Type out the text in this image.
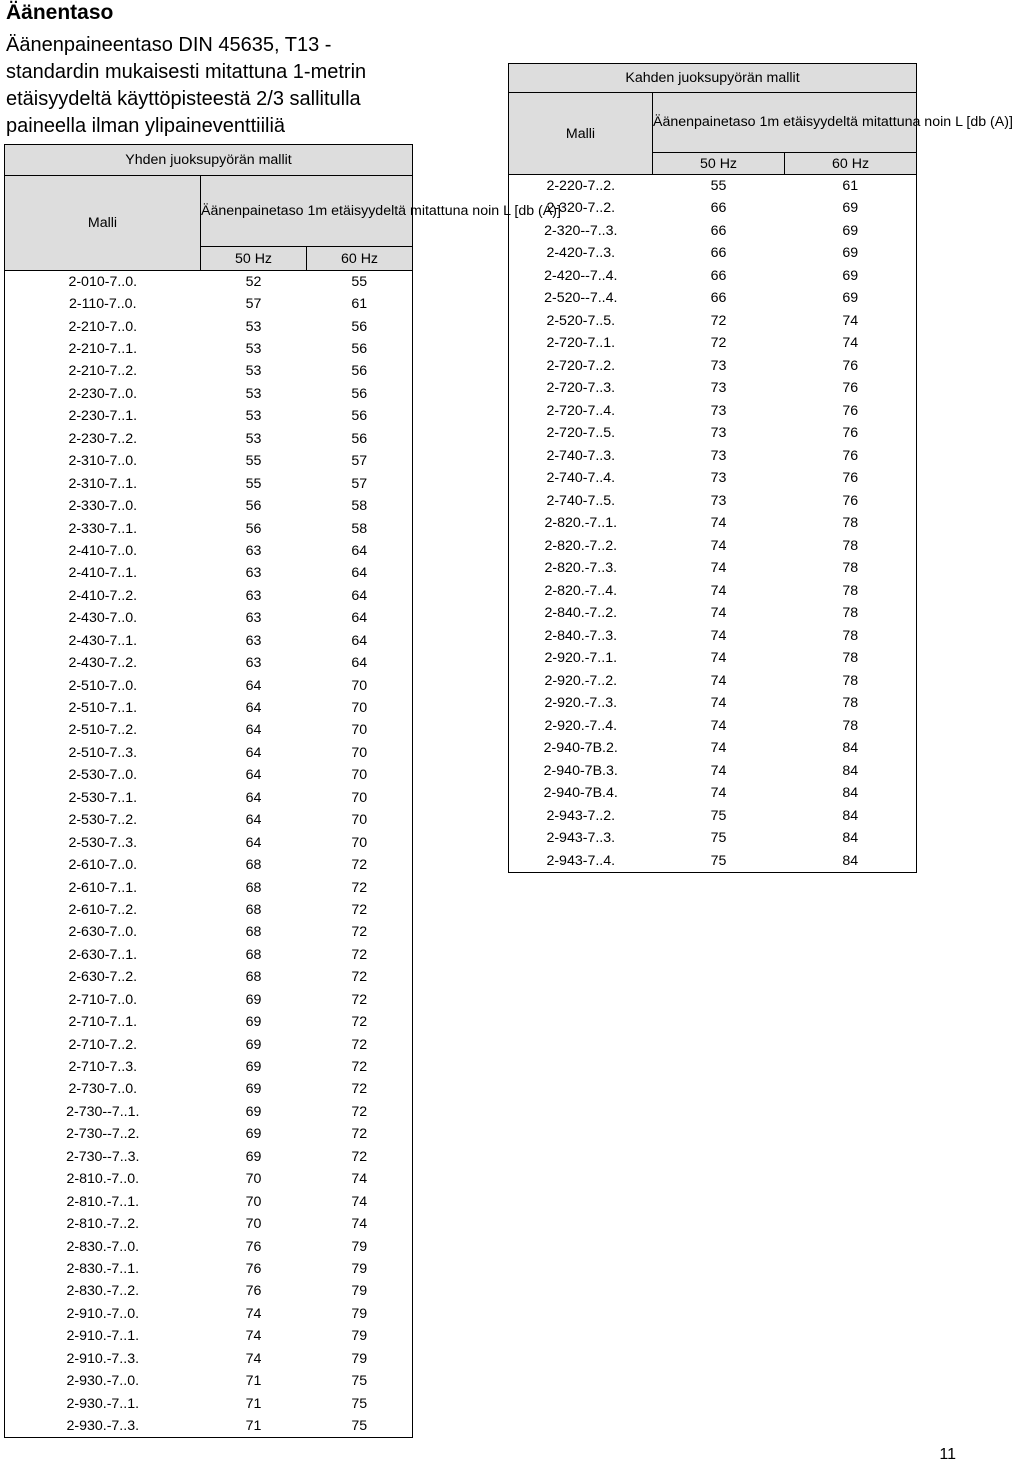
Äänentaso

Äänenpaineentaso DIN 45635, T13 - standardin mukaisesti mitattuna 1-metrin etäisyydeltä käyttöpisteestä 2/3 sallitulla paineella ilman ylipaineventtiiliä

Yhden juoksupyörän mallit		
Malli	Äänenpainetaso 1m etäisyydeltä mitattuna noin L [db (A)]	
	50 Hz	60 Hz
2-010-7..0.	52	55
2-110-7..0.	57	61
2-210-7..0.	53	56
2-210-7..1.	53	56
2-210-7..2.	53	56
2-230-7..0.	53	56
2-230-7..1.	53	56
2-230-7..2.	53	56
2-310-7..0.	55	57
2-310-7..1.	55	57
2-330-7..0.	56	58
2-330-7..1.	56	58
2-410-7..0.	63	64
2-410-7..1.	63	64
2-410-7..2.	63	64
2-430-7..0.	63	64
2-430-7..1.	63	64
2-430-7..2.	63	64
2-510-7..0.	64	70
2-510-7..1.	64	70
2-510-7..2.	64	70
2-510-7..3.	64	70
2-530-7..0.	64	70
2-530-7..1.	64	70
2-530-7..2.	64	70
2-530-7..3.	64	70
2-610-7..0.	68	72
2-610-7..1.	68	72
2-610-7..2.	68	72
2-630-7..0.	68	72
2-630-7..1.	68	72
2-630-7..2.	68	72
2-710-7..0.	69	72
2-710-7..1.	69	72
2-710-7..2.	69	72
2-710-7..3.	69	72
2-730-7..0.	69	72
2-730--7..1.	69	72
2-730--7..2.	69	72
2-730--7..3.	69	72
2-810.-7..0.	70	74
2-810.-7..1.	70	74
2-810.-7..2.	70	74
2-830.-7..0.	76	79
2-830.-7..1.	76	79
2-830.-7..2.	76	79
2-910.-7..0.	74	79
2-910.-7..1.	74	79
2-910.-7..3.	74	79
2-930.-7..0.	71	75
2-930.-7..1.	71	75
2-930.-7..3.	71	75
Kahden juoksupyörän mallit		
Malli	Äänenpainetaso 1m etäisyydeltä mitattuna noin L [db (A)]	
	50 Hz	60 Hz
2-220-7..2.	55	61
2-320-7..2.	66	69
2-320--7..3.	66	69
2-420-7..3.	66	69
2-420--7..4.	66	69
2-520--7..4.	66	69
2-520-7..5.	72	74
2-720-7..1.	72	74
2-720-7..2.	73	76
2-720-7..3.	73	76
2-720-7..4.	73	76
2-720-7..5.	73	76
2-740-7..3.	73	76
2-740-7..4.	73	76
2-740-7..5.	73	76
2-820.-7..1.	74	78
2-820.-7..2.	74	78
2-820.-7..3.	74	78
2-820.-7..4.	74	78
2-840.-7..2.	74	78
2-840.-7..3.	74	78
2-920.-7..1.	74	78
2-920.-7..2.	74	78
2-920.-7..3.	74	78
2-920.-7..4.	74	78
2-940-7B.2.	74	84
2-940-7B.3.	74	84
2-940-7B.4.	74	84
2-943-7..2.	75	84
2-943-7..3.	75	84
2-943-7..4.	75	84
11
